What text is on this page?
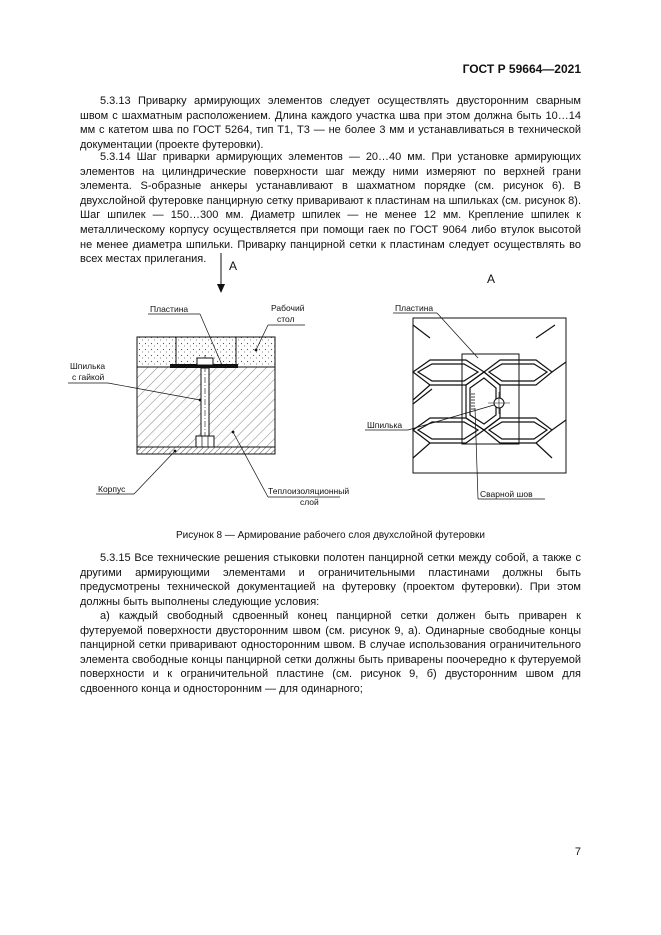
ГОСТ Р 59664—2021

5.3.13 Приварку армирующих элементов следует осуществлять двусторонним сварным швом с шахматным расположением. Длина каждого участка шва при этом должна быть 10…14 мм с катетом шва по ГОСТ 5264, тип Т1, Т3 — не более 3 мм и устанавливаться в технической документации (проекте футеровки).

5.3.14 Шаг приварки армирующих элементов — 20…40 мм. При установке армирующих элементов на цилиндрические поверхности шаг между ними измеряют по верхней грани элемента. S-образные анкеры устанавливают в шахматном порядке (см. рисунок 6). В двухслойной футеровке панцирную сетку приваривают к пластинам на шпильках (см. рисунок 8). Шаг шпилек — 150…300 мм. Диаметр шпилек — не менее 12 мм. Крепление шпилек к металлическому корпусу осуществляется при помощи гаек по ГОСТ 9064 либо втулок высотой не менее диаметра шпильки. Приварку панцирной сетки к пластинам следует осуществлять во всех местах прилегания.	A
Пластина	Рабочий
стол
Шпилька
с гайкой
Корпус	Теплоизоляционный
слой
A
Пластина
Шпилька
Сварной шов
Рисунок 8 — Армирование рабочего слоя двухслойной футеровки

5.3.15 Все технические решения стыковки полотен панцирной сетки между собой, а также с другими армирующими элементами и ограничительными пластинами должны быть предусмотрены технической документацией на футеровку (проектом футеровки). При этом должны быть выполнены следующие условия:

а) каждый свободный сдвоенный конец панцирной сетки должен быть приварен к футеруемой поверхности двусторонним швом (см. рисунок 9, а). Одинарные свободные концы панцирной сетки приваривают односторонним швом. В случае использования ограничительного элемента свободные концы панцирной сетки должны быть приварены поочередно к футеруемой поверхности и к ограничительной пластине (см. рисунок 9, б) двусторонним швом для сдвоенного конца и односторонним — для одинарного;

7
